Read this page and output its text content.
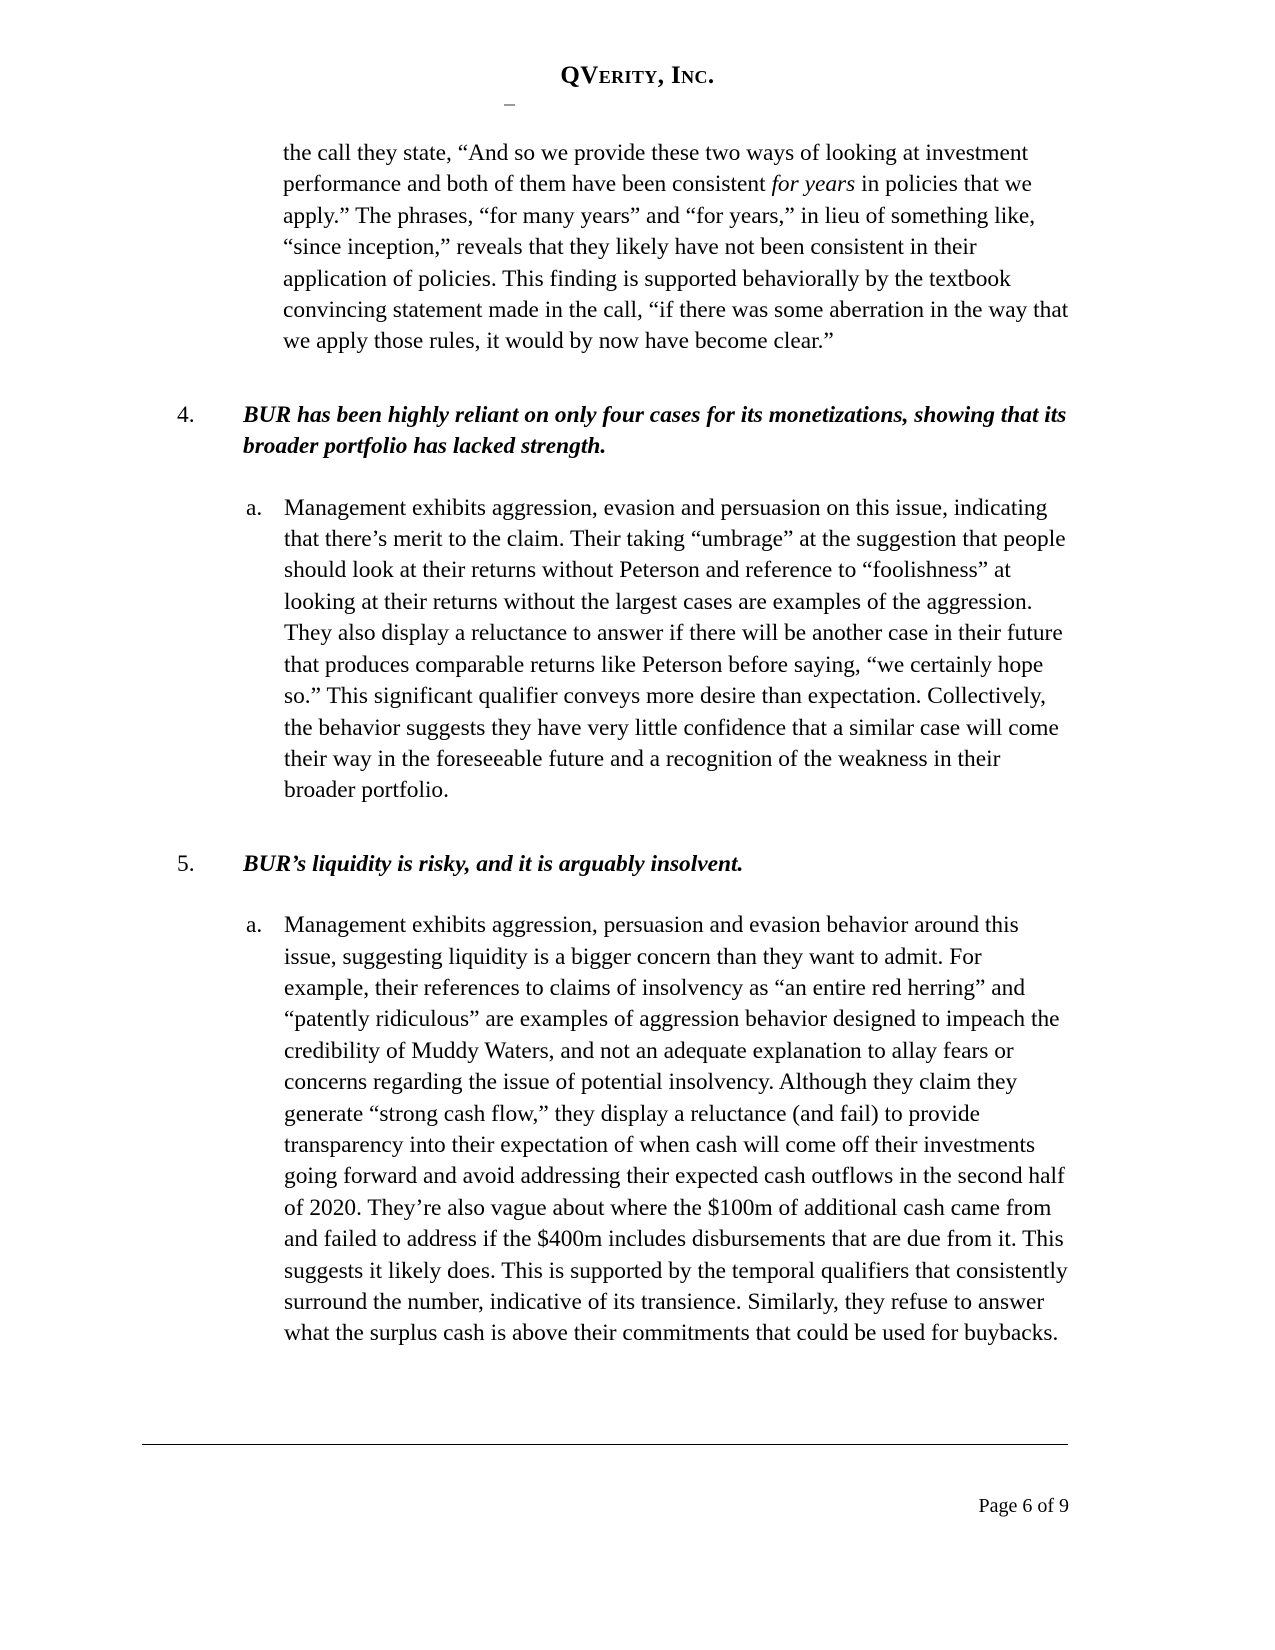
QVerity, Inc.

the call they state, “And so we provide these two ways of looking at investment performance and both of them have been consistent for years in policies that we apply.” The phrases, “for many years” and “for years,” in lieu of something like, “since inception,” reveals that they likely have not been consistent in their application of policies. This finding is supported behaviorally by the textbook convincing statement made in the call, “if there was some aberration in the way that we apply those rules, it would by now have become clear.”

4.	BUR has been highly reliant on only four cases for its monetizations, showing that its broader portfolio has lacked strength.
a. Management exhibits aggression, evasion and persuasion on this issue, indicating that there’s merit to the claim. Their taking “umbrage” at the suggestion that people should look at their returns without Peterson and reference to “foolishness” at looking at their returns without the largest cases are examples of the aggression. They also display a reluctance to answer if there will be another case in their future that produces comparable returns like Peterson before saying, “we certainly hope so.” This significant qualifier conveys more desire than expectation. Collectively, the behavior suggests they have very little confidence that a similar case will come their way in the foreseeable future and a recognition of the weakness in their broader portfolio.
5.	BUR’s liquidity is risky, and it is arguably insolvent.
a. Management exhibits aggression, persuasion and evasion behavior around this issue, suggesting liquidity is a bigger concern than they want to admit. For example, their references to claims of insolvency as “an entire red herring” and “patently ridiculous” are examples of aggression behavior designed to impeach the credibility of Muddy Waters, and not an adequate explanation to allay fears or concerns regarding the issue of potential insolvency. Although they claim they generate “strong cash flow,” they display a reluctance (and fail) to provide transparency into their expectation of when cash will come off their investments going forward and avoid addressing their expected cash outflows in the second half of 2020. They’re also vague about where the $100m of additional cash came from and failed to address if the $400m includes disbursements that are due from it. This suggests it likely does. This is supported by the temporal qualifiers that consistently surround the number, indicative of its transience. Similarly, they refuse to answer what the surplus cash is above their commitments that could be used for buybacks.
Page 6 of 9
